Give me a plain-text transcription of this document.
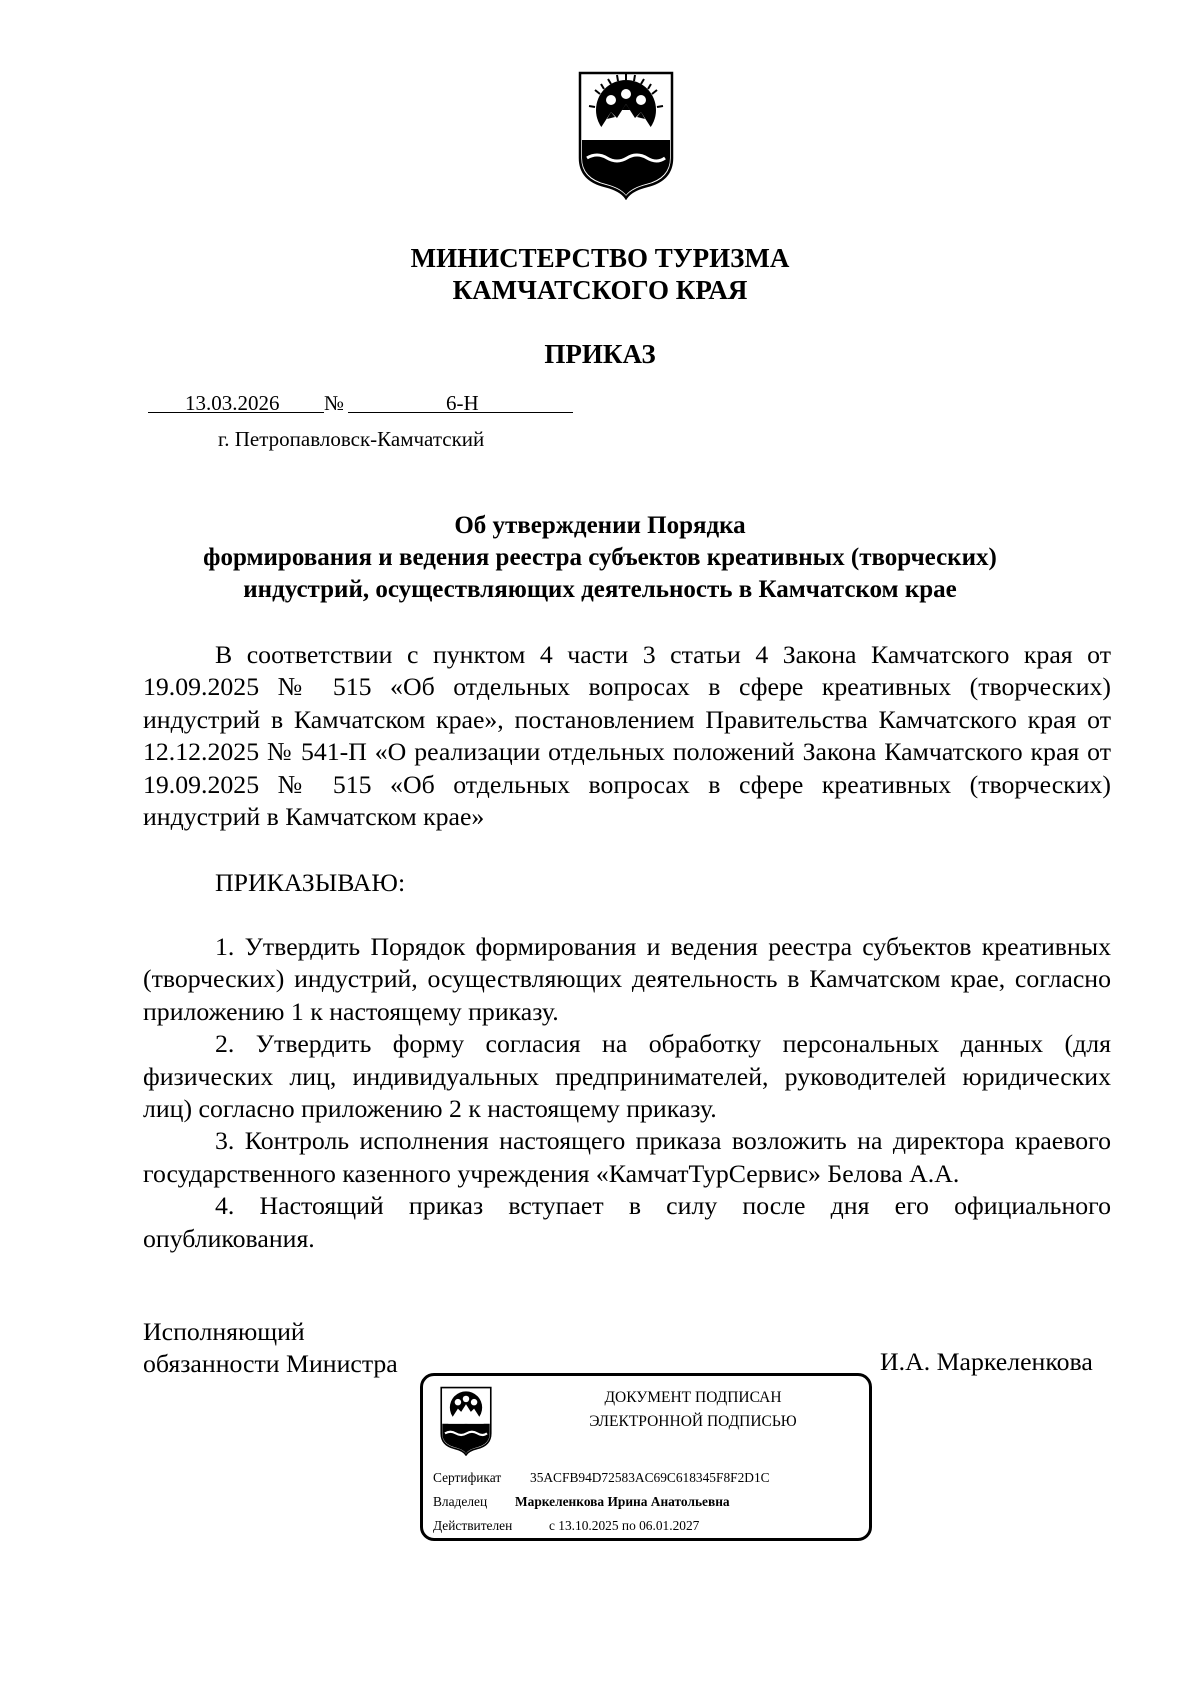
МИНИСТЕРСТВО ТУРИЗМА
КАМЧАТСКОГО КРАЯ
ПРИКАЗ
13.03.2026 №	6-Н
г. Петропавловск-Камчатский
Об утверждении Порядка
формирования и ведения реестра субъектов креативных (творческих)
индустрий, осуществляющих деятельность в Камчатском крае

В соответствии с пунктом 4 части 3 статьи 4 Закона Камчатского края от 19.09.2025 № 515 «Об отдельных вопросах в сфере креативных (творческих) индустрий в Камчатском крае», постановлением Правительства Камчатского края от 12.12.2025 № 541-П «О реализации отдельных положений Закона Камчатского края от 19.09.2025 № 515 «Об отдельных вопросах в сфере креативных (творческих) индустрий в Камчатском крае»

ПРИКАЗЫВАЮ:

1. Утвердить Порядок формирования и ведения реестра субъектов креативных (творческих) индустрий, осуществляющих деятельность в Камчатском крае, согласно приложению 1 к настоящему приказу.

2. Утвердить форму согласия на обработку персональных данных (для физических лиц, индивидуальных предпринимателей, руководителей юридических лиц) согласно приложению 2 к настоящему приказу.

3. Контроль исполнения настоящего приказа возложить на директора краевого государственного казенного учреждения «КамчатТурСервис» Белова А.А.

4. Настоящий приказ вступает в силу после дня его официального опубликования.

Исполняющий
обязанности Министра	И.А. Маркеленкова
ДОКУМЕНТ ПОДПИСАН
ЭЛЕКТРОННОЙ ПОДПИСЬЮ
Сертификат 35ACFB94D72583AC69C618345F8F2D1C
Владелец Маркеленкова Ирина Анатольевна
Действителен	с 13.10.2025 по 06.01.2027
